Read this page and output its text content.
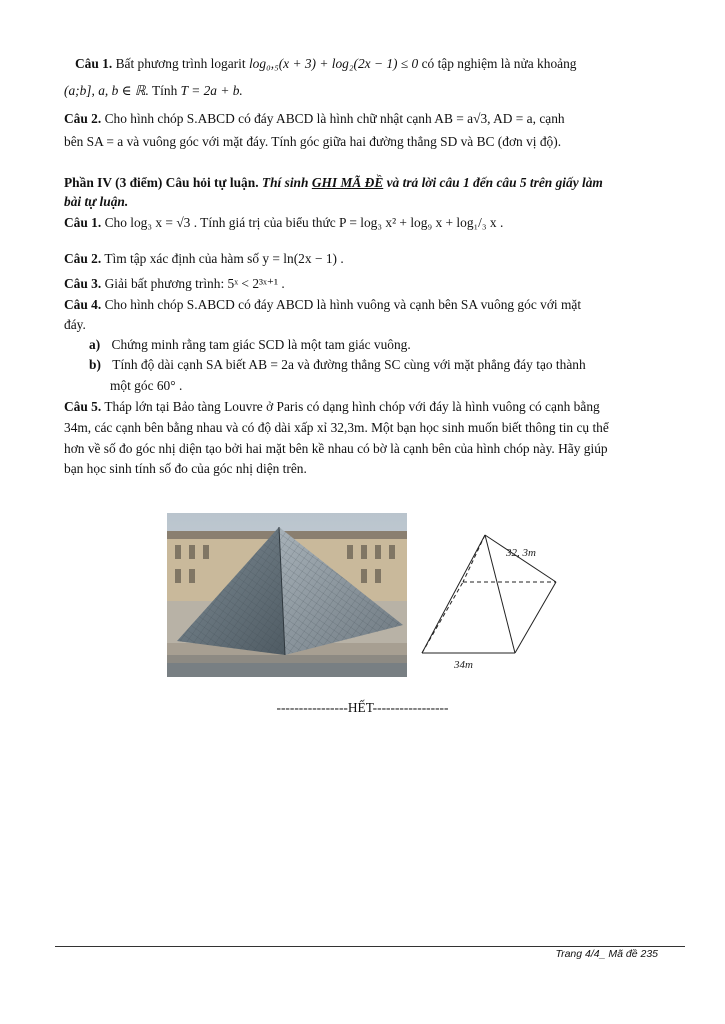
Câu 1. Bất phương trình logarit log₀,₅(x + 3) + log₂(2x − 1) ≤ 0 có tập nghiệm là nửa khoảng
(a;b], a, b ∈ ℝ. Tính T = 2a + b.
Câu 2. Cho hình chóp S.ABCD có đáy ABCD là hình chữ nhật cạnh AB = a√3, AD = a, cạnh
bên SA = a và vuông góc với mặt đáy. Tính góc giữa hai đường thẳng SD và BC (đơn vị độ).
Phần IV (3 điểm) Câu hỏi tự luận. Thí sinh GHI MÃ ĐỀ và trả lời câu 1 đến câu 5 trên giấy làm
bài tự luận.
Câu 1. Cho log₃ x = √3 . Tính giá trị của biểu thức P = log₃ x² + log₉ x + log₁/₃ x .
Câu 2. Tìm tập xác định của hàm số y = ln(2x − 1) .
Câu 3. Giải bất phương trình: 5ˣ < 2³ˣ⁺¹ .
Câu 4. Cho hình chóp S.ABCD có đáy ABCD là hình vuông và cạnh bên SA vuông góc với mặt
đáy.
a) Chứng minh rằng tam giác SCD là một tam giác vuông.
b) Tính độ dài cạnh SA biết AB = 2a và đường thẳng SC cùng với mặt phẳng đáy tạo thành
một góc 60° .
Câu 5. Tháp lớn tại Bảo tàng Louvre ở Paris có dạng hình chóp với đáy là hình vuông có cạnh bằng
34m, các cạnh bên bằng nhau và có độ dài xấp xỉ 32,3m. Một bạn học sinh muốn biết thông tin cụ thể
hơn về số đo góc nhị diện tạo bởi hai mặt bên kề nhau có bờ là cạnh bên của hình chóp này. Hãy giúp
bạn học sinh tính số đo của góc nhị diện trên.
32, 3m
34m
----------------HẾT-----------------
Trang 4/4_ Mã đề 235
